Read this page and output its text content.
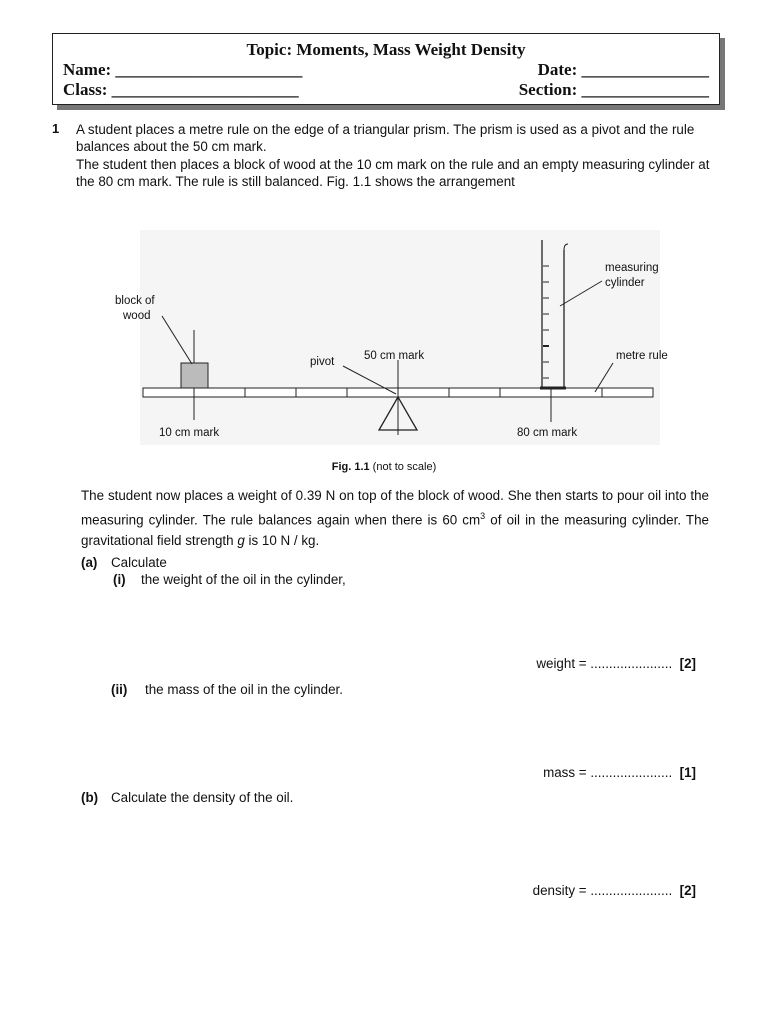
Topic: Moments, Mass Weight Density
Name: ______________________	Date: _______________
Class: ______________________	Section: _______________
1 A student places a metre rule on the edge of a triangular prism. The prism is used as a pivot and the rule balances about the 50 cm mark.
The student then places a block of wood at the 10 cm mark on the rule and an empty measuring cylinder at the 80 cm mark. The rule is still balanced. Fig. 1.1 shows the arrangement
block of
wood
pivot	50 cm mark
measuring
cylinder
metre rule
10 cm mark	80 cm mark
Fig. 1.1 (not to scale)
The student now places a weight of 0.39 N on top of the block of wood. She then starts to pour oil into the measuring cylinder. The rule balances again when there is 60 $cm^3$ of oil in the measuring cylinder. The gravitational field strength g is 10 N / kg.
(a) Calculate
(i) the weight of the oil in the cylinder,
weight = ...................... [2]
(ii) the mass of the oil in the cylinder.
mass = ...................... [1]
(b) Calculate the density of the oil.
density = ...................... [2]
